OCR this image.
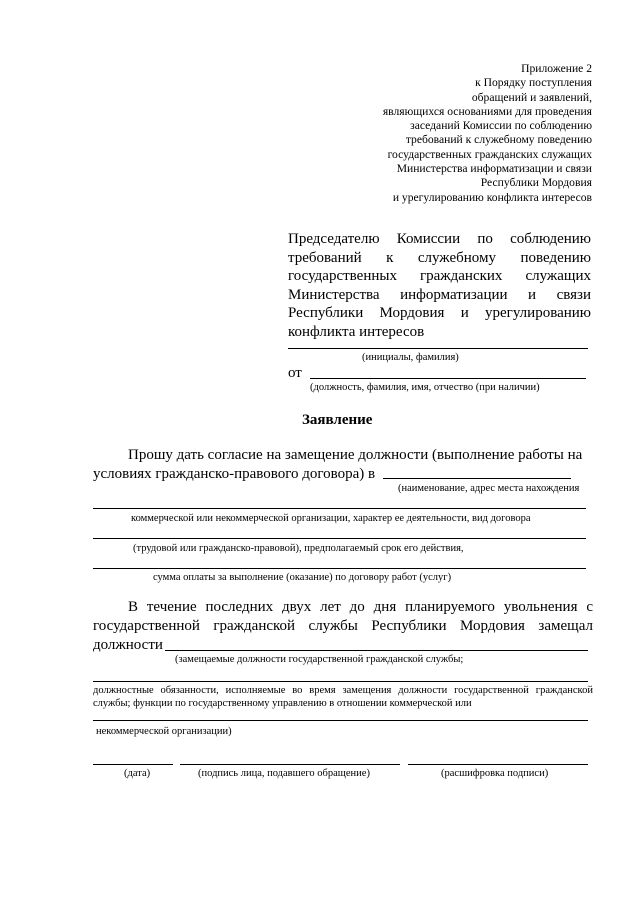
Приложение 2
к Порядку поступления
обращений и заявлений,
являющихся основаниями для проведения
заседаний Комиссии по соблюдению
требований к служебному поведению
государственных гражданских служащих
Министерства информатизации и связи
Республики Мордовия
и урегулированию конфликта интересов
Председателю Комиссии по соблюдению
требований к служебному поведению
государственных гражданских служащих
Министерства информатизации и связи
Республики Мордовия и урегулированию
конфликта интересов
(инициалы, фамилия)
от
(должность, фамилия, имя, отчество (при наличии)
Заявление
Прошу дать согласие на замещение должности (выполнение работы на
условиях гражданско-правового договора) в
(наименование, адрес места нахождения
коммерческой или некоммерческой организации, характер ее деятельности, вид договора
(трудовой или гражданско-правовой), предполагаемый срок его действия,
сумма оплаты за выполнение (оказание) по договору работ (услуг)
В течение последних двух лет до дня планируемого увольнения с
государственной гражданской службы Республики Мордовия замещал
должности
(замещаемые должности государственной гражданской службы;
должностные обязанности, исполняемые во время замещения должности государственной гражданской
службы; функции по государственному управлению в отношении коммерческой или
некоммерческой организации)
(дата)	(подпись лица, подавшего обращение)	(расшифровка подписи)
